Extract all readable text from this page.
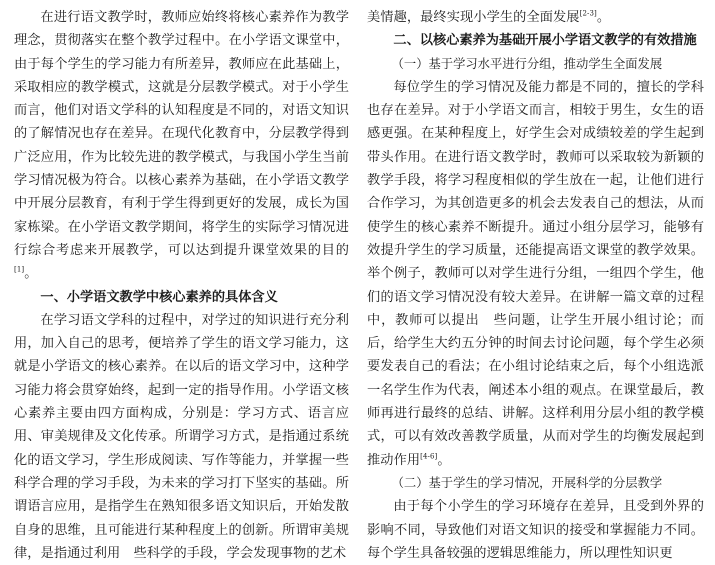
在进行语文教学时，教师应始终将核心素养作为教学理念，贯彻落实在整个教学过程中。在小学语文课堂中，由于每个学生的学习能力有所差异，教师应在此基础上，采取相应的教学模式，这就是分层教学模式。对于小学生而言，他们对语文学科的认知程度是不同的，对语文知识的了解情况也存在差异。在现代化教育中，分层教学得到广泛应用，作为比较先进的教学模式，与我国小学生当前学习情况极为符合。以核心素养为基础，在小学语文教学中开展分层教育，有利于学生得到更好的发展，成长为国家栋梁。在小学语文教学期间，将学生的实际学习情况进行综合考虑来开展教学，可以达到提升课堂效果的目的[1]。

一、小学语文教学中核心素养的具体含义

在学习语文学科的过程中，对学过的知识进行充分利用，加入自己的思考，便培养了学生的语文学习能力，这就是小学语文的核心素养。在以后的语文学习中，这种学习能力将会贯穿始终，起到一定的指导作用。小学语文核心素养主要由四方面构成，分别是：学习方式、语言应用、审美规律及文化传承。所谓学习方式，是指通过系统化的语文学习，学生形成阅读、写作等能力，并掌握一些科学合理的学习手段，为未来的学习打下坚实的基础。所谓语言应用，是指学生在熟知很多语文知识后，开始发散自身的思维，且可能进行某种程度上的创新。所谓审美规律，是指通过利用　些科学的手段，学会发现事物的艺术

美情趣，最终实现小学生的全面发展[2-3]。

二、以核心素养为基础开展小学语文教学的有效措施

（一）基于学习水平进行分组，推动学生全面发展

每位学生的学习情况及能力都是不同的，擅长的学科也存在差异。对于小学语文而言，相较于男生，女生的语感更强。在某种程度上，好学生会对成绩较差的学生起到带头作用。在进行语文教学时，教师可以采取较为新颖的教学手段，将学习程度相似的学生放在一起，让他们进行合作学习，为其创造更多的机会去发表自己的想法，从而使学生的核心素养不断提升。通过小组分层学习，能够有效提升学生的学习质量，还能提高语文课堂的教学效果。举个例子，教师可以对学生进行分组，一组四个学生，他们的语文学习情况没有较大差异。在讲解一篇文章的过程中，教师可以提出　些问题，让学生开展小组讨论；而后，给学生大约五分钟的时间去讨论问题，每个学生必须要发表自己的看法；在小组讨论结束之后，每个小组选派一名学生作为代表，阐述本小组的观点。在课堂最后，教师再进行最终的总结、讲解。这样利用分层小组的教学模式，可以有效改善教学质量，从而对学生的均衡发展起到推动作用[4-6]。

（二）基于学生的学习情况，开展科学的分层教学

由于每个小学生的学习环境存在差异，且受到外界的影响不同，导致他们对语文知识的接受和掌握能力不同。每个学生具备较强的逻辑思维能力，所以理性知识更
